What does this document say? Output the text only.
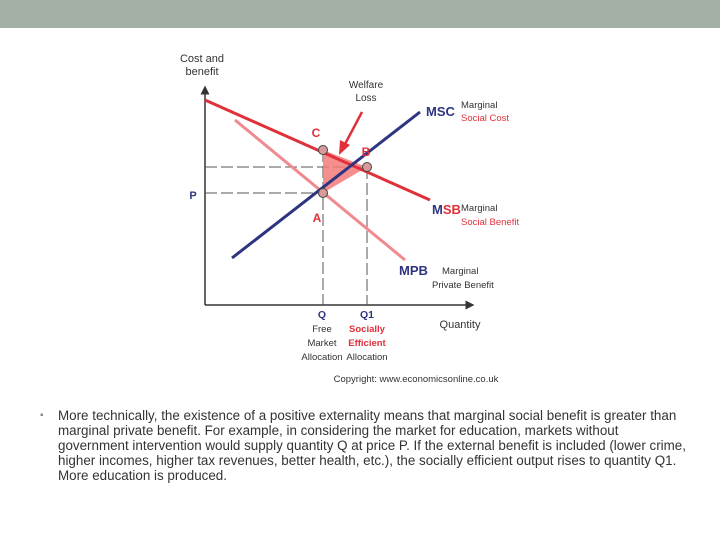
Cost and
benefit
Quantity
Welfare
Loss
C
B
A
P
MSC Marginal
Social Cost
MSB Marginal
Social Benefit
MPB Marginal
Private Benefit
Q
Free
Market
Allocation
Q1
Socially
Efficient
Allocation
Copyright: www.economicsonline.co.uk
▪ More technically, the existence of a positive externality means that marginal social benefit is greater than marginal private benefit. For example, in considering the market for education, markets without government intervention would supply quantity Q at price P. If the external benefit is included (lower crime, higher incomes, higher tax revenues, better health, etc.), the socially efficient output rises to quantity Q1. More education is produced.
